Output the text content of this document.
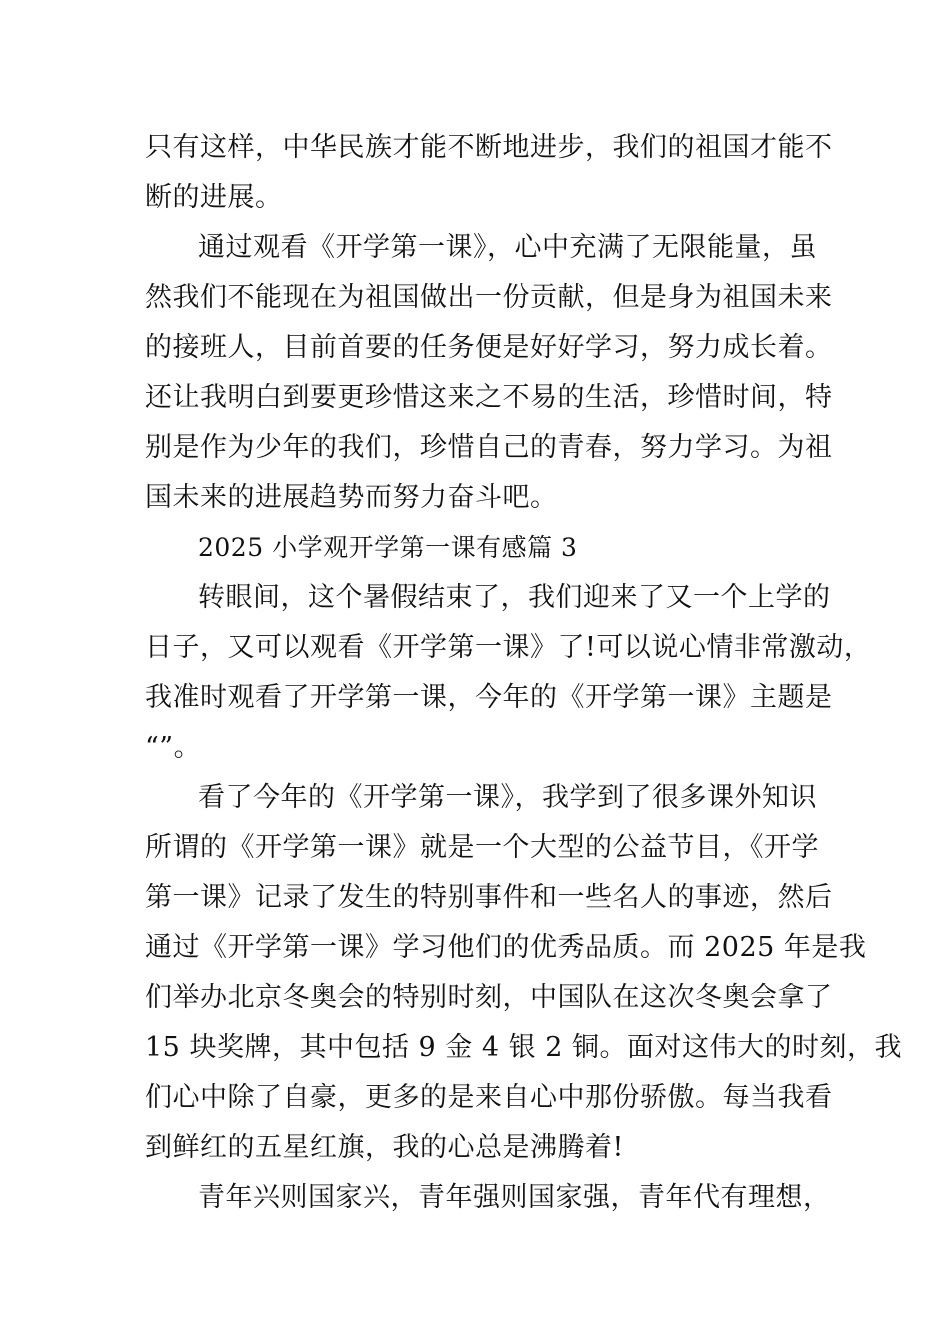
只有这样，中华民族才能不断地进步，我们的祖国才能不
断的进展。
通过观看《开学第一课》，心中充满了无限能量，虽
然我们不能现在为祖国做出一份贡献，但是身为祖国未来
的接班人，目前首要的任务便是好好学习，努力成长着。
还让我明白到要更珍惜这来之不易的生活，珍惜时间，特
别是作为少年的我们，珍惜自己的青春，努力学习。为祖
国未来的进展趋势而努力奋斗吧。
2025 小学观开学第一课有感篇 3
转眼间，这个暑假结束了，我们迎来了又一个上学的
日子，又可以观看《开学第一课》了!可以说心情非常激动，
我准时观看了开学第一课，今年的《开学第一课》主题是
“”。
看了今年的《开学第一课》，我学到了很多课外知识
所谓的《开学第一课》就是一个大型的公益节目，《开学
第一课》记录了发生的特别事件和一些名人的事迹，然后
通过《开学第一课》学习他们的优秀品质。而 2025 年是我
们举办北京冬奥会的特别时刻，中国队在这次冬奥会拿了
15 块奖牌，其中包括 9 金 4 银 2 铜。面对这伟大的时刻，我
们心中除了自豪，更多的是来自心中那份骄傲。每当我看
到鲜红的五星红旗，我的心总是沸腾着!
青年兴则国家兴，青年强则国家强，青年代有理想，
